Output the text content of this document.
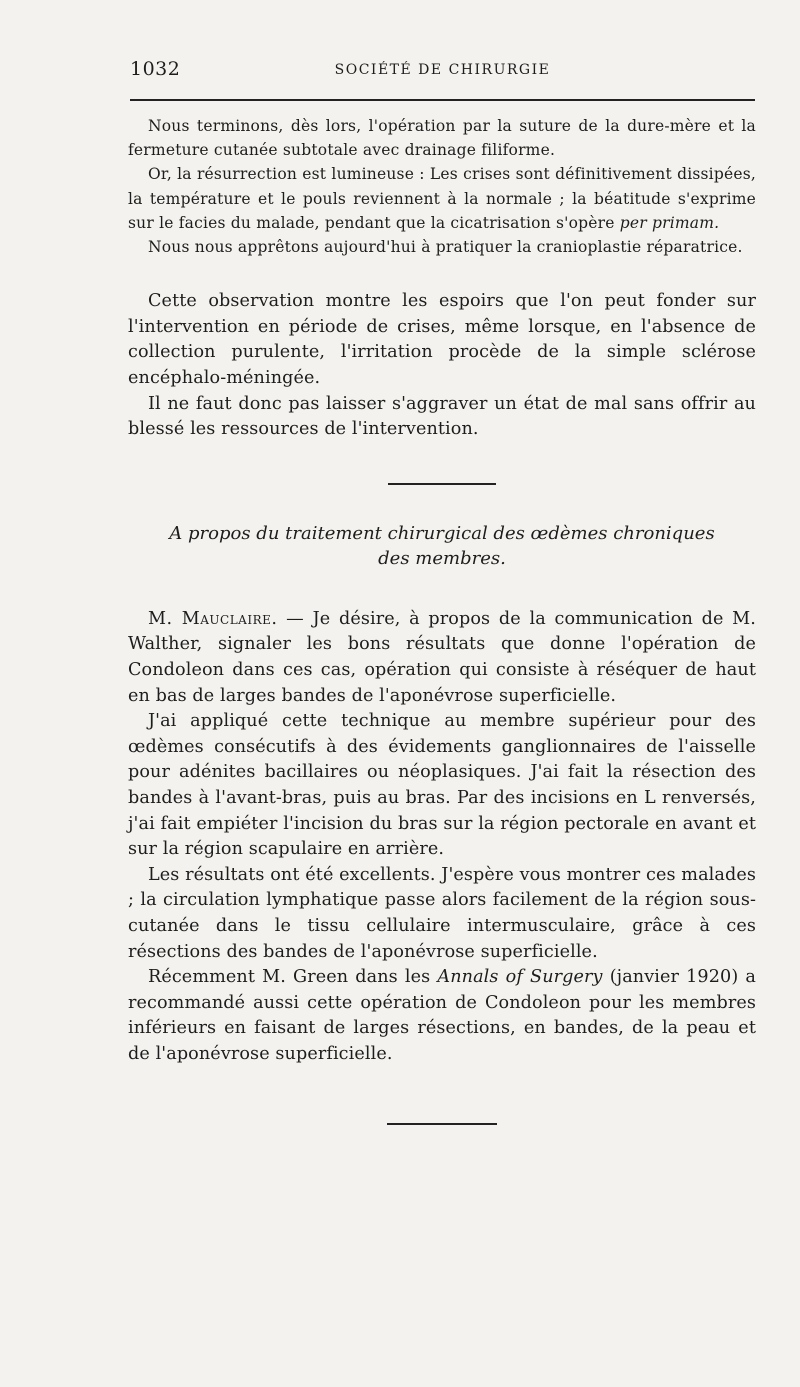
1032	SOCIÉTÉ DE CHIRURGIE

Nous terminons, dès lors, l'opération par la suture de la dure-mère et la fermeture cutanée subtotale avec drainage filiforme.

Or, la résurrection est lumineuse : Les crises sont définitivement dissipées, la température et le pouls reviennent à la normale ; la béatitude s'exprime sur le facies du malade, pendant que la cicatrisation s'opère per primam.

Nous nous apprêtons aujourd'hui à pratiquer la cranioplastie réparatrice.

Cette observation montre les espoirs que l'on peut fonder sur l'intervention en période de crises, même lorsque, en l'absence de collection purulente, l'irritation procède de la simple sclérose encéphalo-méningée.

Il ne faut donc pas laisser s'aggraver un état de mal sans offrir au blessé les ressources de l'intervention.

A propos du traitement chirurgical des œdèmes chroniques
des membres.

M. Mauclaire. — Je désire, à propos de la communication de M. Walther, signaler les bons résultats que donne l'opération de Condoleon dans ces cas, opération qui consiste à réséquer de haut en bas de larges bandes de l'aponévrose superficielle.

J'ai appliqué cette technique au membre supérieur pour des œdèmes consécutifs à des évidements ganglionnaires de l'aisselle pour adénites bacillaires ou néoplasiques. J'ai fait la résection des bandes à l'avant-bras, puis au bras. Par des incisions en L renversés, j'ai fait empiéter l'incision du bras sur la région pectorale en avant et sur la région scapulaire en arrière.

Les résultats ont été excellents. J'espère vous montrer ces malades ; la circulation lymphatique passe alors facilement de la région sous-cutanée dans le tissu cellulaire intermusculaire, grâce à ces résections des bandes de l'aponévrose superficielle.

Récemment M. Green dans les Annals of Surgery (janvier 1920) a recommandé aussi cette opération de Condoleon pour les membres inférieurs en faisant de larges résections, en bandes, de la peau et de l'aponévrose superficielle.
